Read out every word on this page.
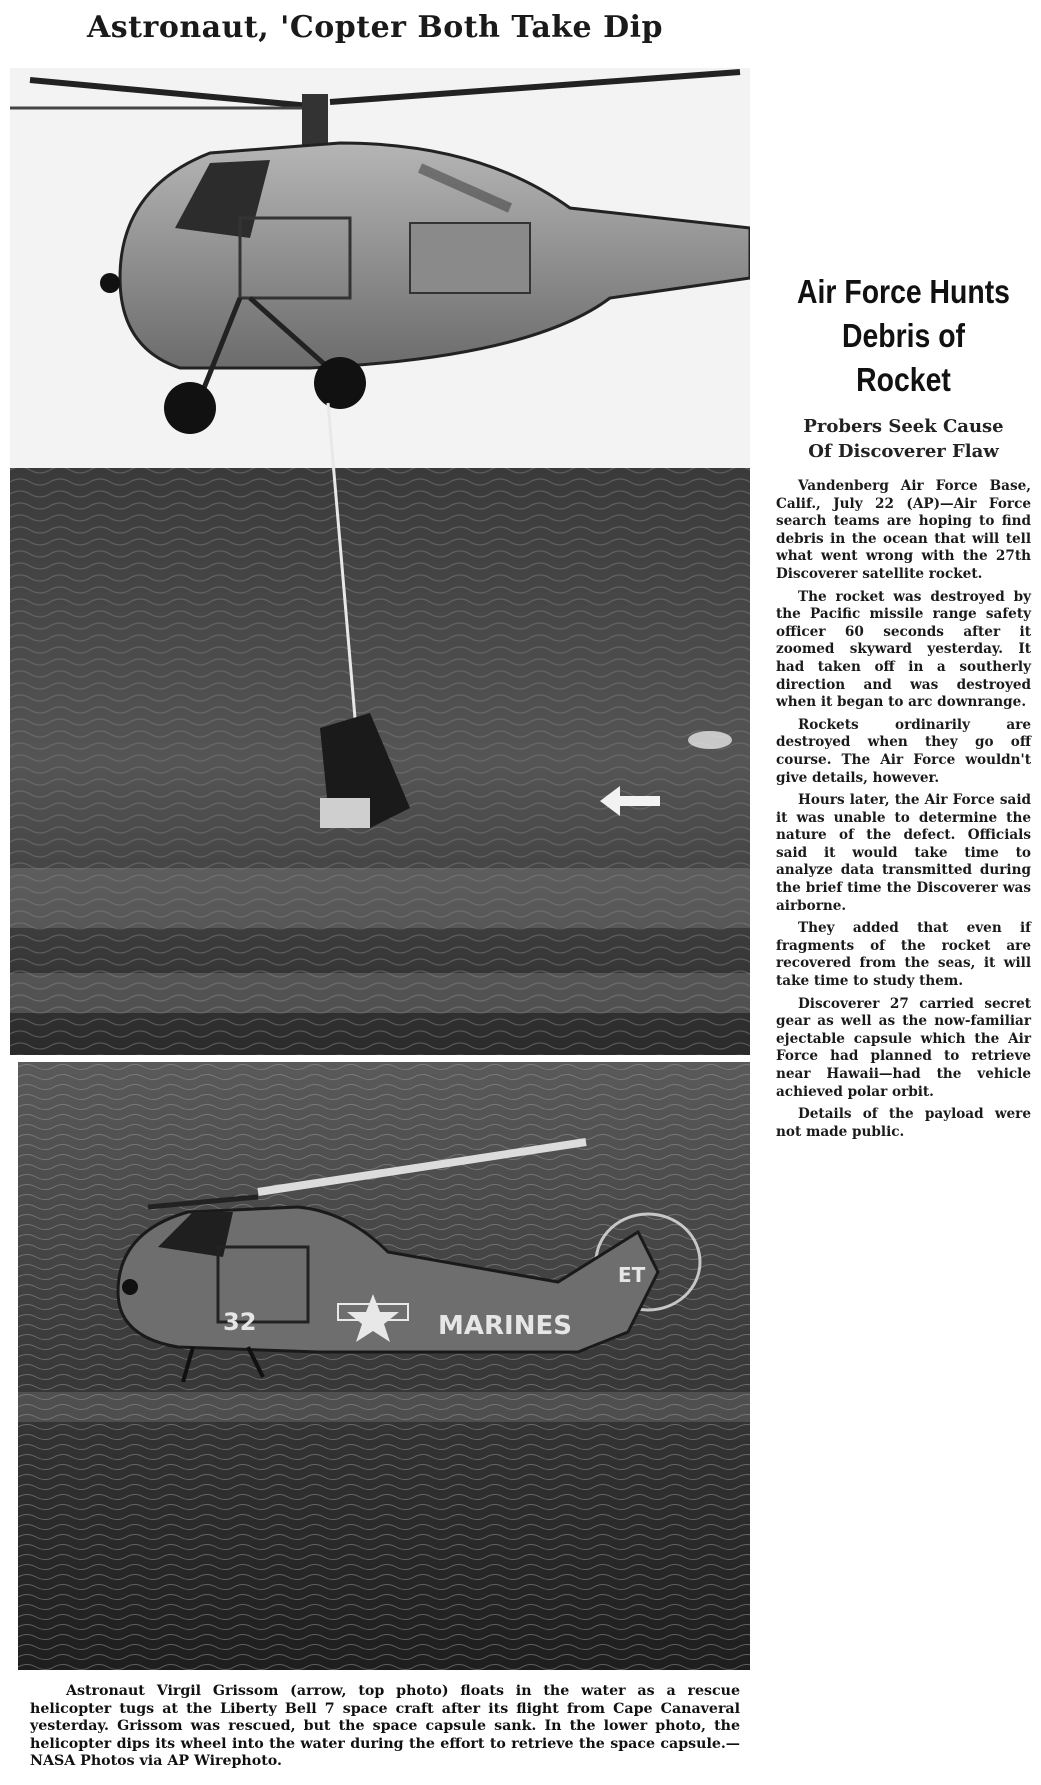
Astronaut, 'Copter Both Take Dip
32	MARINES
ET
Astronaut Virgil Grissom (arrow, top photo) floats in the water as a rescue helicopter tugs at the Liberty Bell 7 space craft after its flight from Cape Canaveral yesterday. Grissom was rescued, but the space capsule sank. In the lower photo, the helicopter dips its wheel into the water during the effort to retrieve the space capsule.—NASA Photos via AP Wirephoto.
Air Force Hunts
Debris of Rocket
Probers Seek Cause
Of Discoverer Flaw

Vandenberg Air Force Base, Calif., July 22 (AP)—Air Force search teams are hoping to find debris in the ocean that will tell what went wrong with the 27th Discoverer satellite rocket.

The rocket was destroyed by the Pacific missile range safety officer 60 seconds after it zoomed skyward yesterday. It had taken off in a southerly direction and was destroyed when it began to arc downrange.

Rockets ordinarily are destroyed when they go off course. The Air Force wouldn't give details, however.

Hours later, the Air Force said it was unable to determine the nature of the defect. Officials said it would take time to analyze data transmitted during the brief time the Discoverer was airborne.

They added that even if fragments of the rocket are recovered from the seas, it will take time to study them.

Discoverer 27 carried secret gear as well as the now-familiar ejectable capsule which the Air Force had planned to retrieve near Hawaii—had the vehicle achieved polar orbit.

Details of the payload were not made public.
